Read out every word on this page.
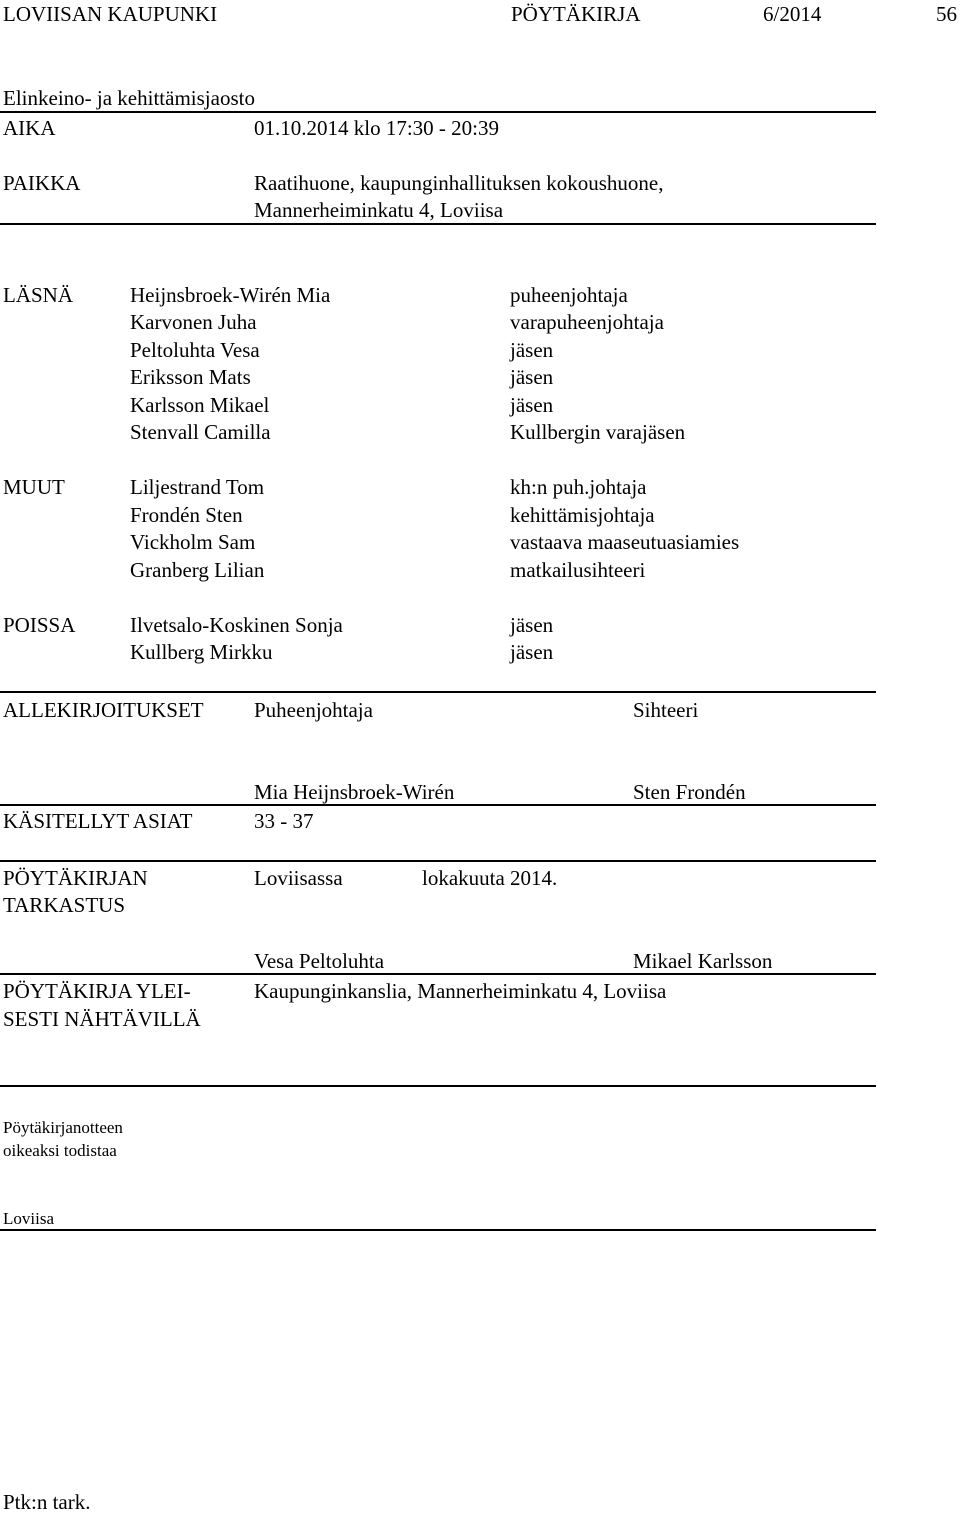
LOVIISAN KAUPUNKI	PÖYTÄKIRJA	6/2014	56
Elinkeino- ja kehittämisjaosto
AIKA	01.10.2014 klo 17:30 - 20:39
PAIKKA	Raatihuone, kaupunginhallituksen kokoushuone,
Mannerheiminkatu 4, Loviisa
LÄSNÄ	Heijnsbroek-Wirén Mia	puheenjohtaja
Karvonen Juha	varapuheenjohtaja
Peltoluhta Vesa	jäsen
Eriksson Mats	jäsen
Karlsson Mikael	jäsen
Stenvall Camilla	Kullbergin varajäsen
MUUT	Liljestrand Tom	kh:n puh.johtaja
Frondén Sten	kehittämisjohtaja
Vickholm Sam	vastaava maaseutuasiamies
Granberg Lilian	matkailusihteeri
POISSA	Ilvetsalo-Koskinen Sonja	jäsen
Kullberg Mirkku	jäsen
ALLEKIRJOITUKSET Puheenjohtaja	Sihteeri
Mia Heijnsbroek-Wirén	Sten Frondén
KÄSITELLYT ASIAT	33 - 37
PÖYTÄKIRJAN
TARKASTUS
Loviisassa	lokakuuta 2014.
Vesa Peltoluhta	Mikael Karlsson
PÖYTÄKIRJA YLEI-
SESTI NÄHTÄVILLÄ
Kaupunginkanslia, Mannerheiminkatu 4, Loviisa
Pöytäkirjanotteen
oikeaksi todistaa
Loviisa
Ptk:n tark.
